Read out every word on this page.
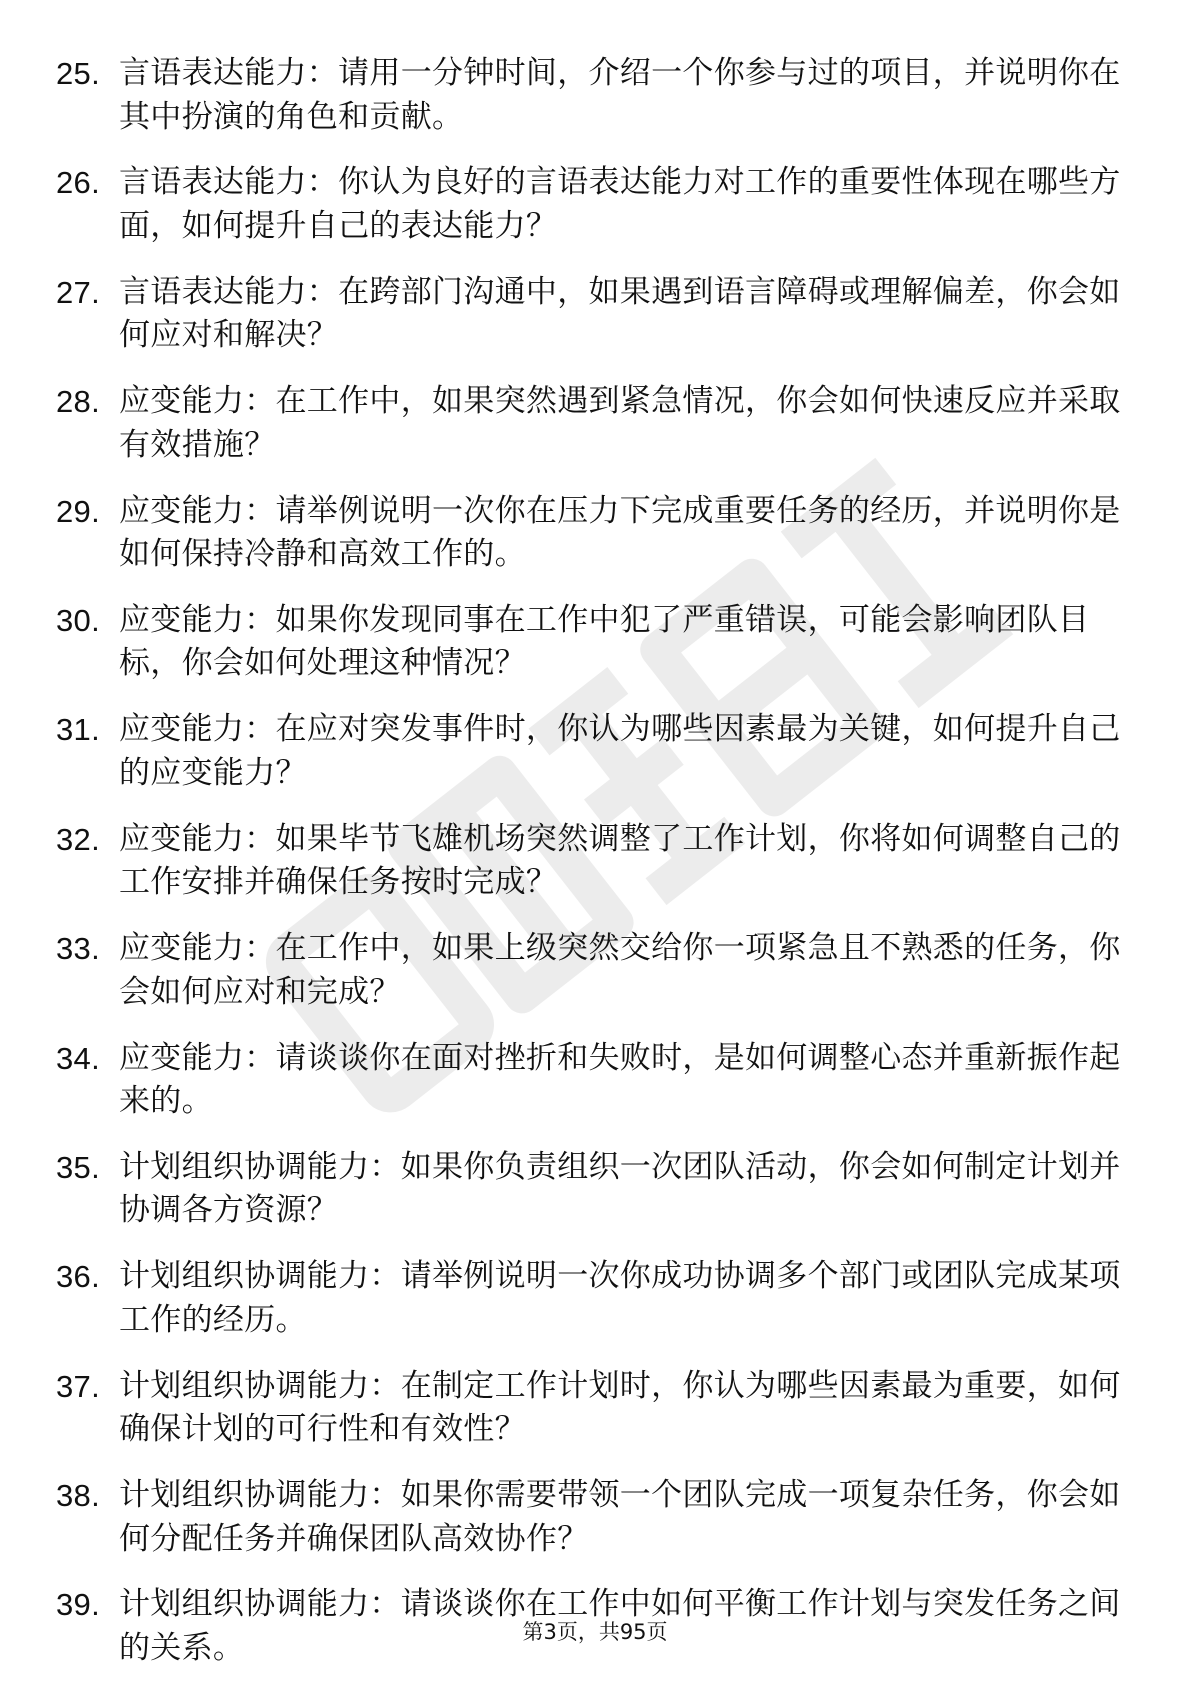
25. 言语表达能力：请用一分钟时间，介绍一个你参与过的项目，并说明你在其中扮演的角色和贡献。
26. 言语表达能力：你认为良好的言语表达能力对工作的重要性体现在哪些方面，如何提升自己的表达能力？
27. 言语表达能力：在跨部门沟通中，如果遇到语言障碍或理解偏差，你会如何应对和解决？
28. 应变能力：在工作中，如果突然遇到紧急情况，你会如何快速反应并采取有效措施？
29. 应变能力：请举例说明一次你在压力下完成重要任务的经历，并说明你是如何保持冷静和高效工作的。
30. 应变能力：如果你发现同事在工作中犯了严重错误，可能会影响团队目标，你会如何处理这种情况？
31. 应变能力：在应对突发事件时，你认为哪些因素最为关键，如何提升自己的应变能力？
32. 应变能力：如果毕节飞雄机场突然调整了工作计划，你将如何调整自己的工作安排并确保任务按时完成？
33. 应变能力：在工作中，如果上级突然交给你一项紧急且不熟悉的任务，你会如何应对和完成？
34. 应变能力：请谈谈你在面对挫折和失败时，是如何调整心态并重新振作起来的。
35. 计划组织协调能力：如果你负责组织一次团队活动，你会如何制定计划并协调各方资源？
36. 计划组织协调能力：请举例说明一次你成功协调多个部门或团队完成某项工作的经历。
37. 计划组织协调能力：在制定工作计划时，你认为哪些因素最为重要，如何确保计划的可行性和有效性？
38. 计划组织协调能力：如果你需要带领一个团队完成一项复杂任务，你会如何分配任务并确保团队高效协作？
39. 计划组织协调能力：请谈谈你在工作中如何平衡工作计划与突发任务之间的关系。	第3页，共95页
